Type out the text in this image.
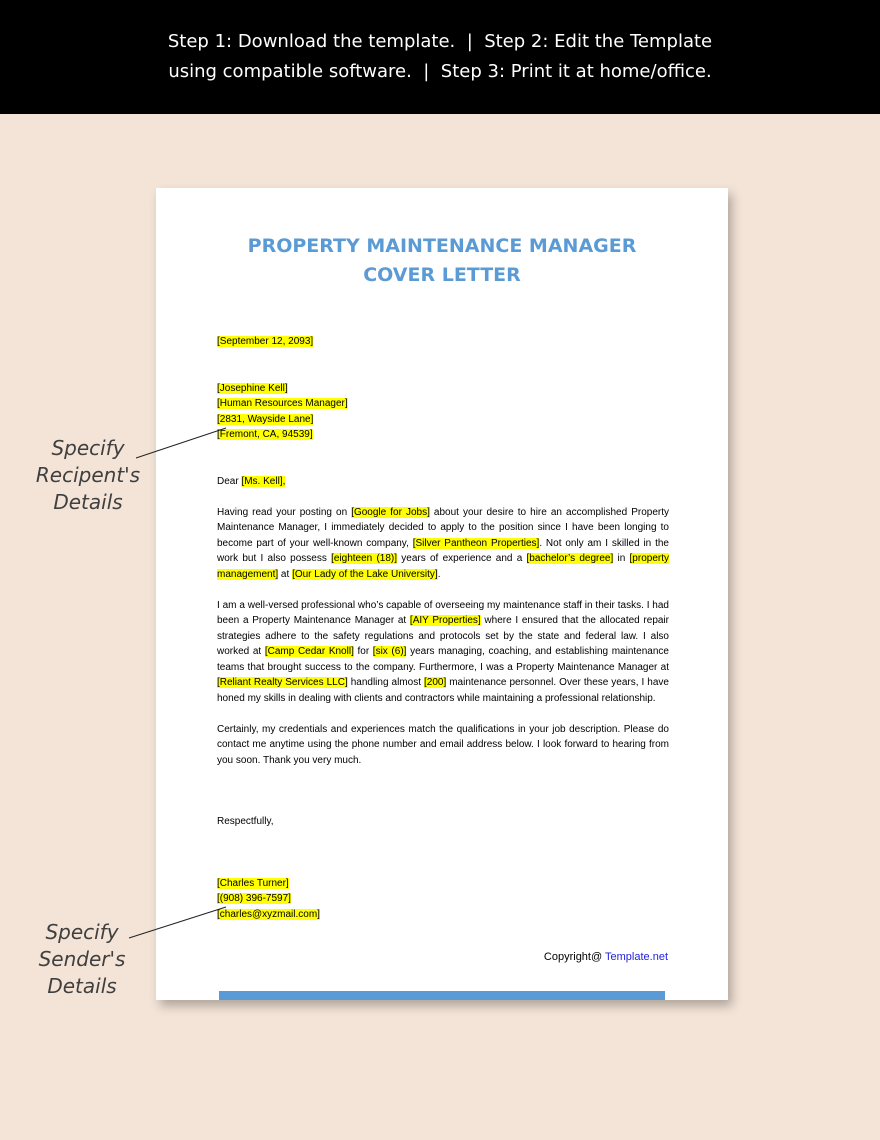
Step 1: Download the template.  |  Step 2: Edit the Template
using compatible software.  |  Step 3: Print it at home/office.
PROPERTY MAINTENANCE MANAGER
COVER LETTER

[September 12, 2093]

[Josephine Kell]
[Human Resources Manager]
[2831, Wayside Lane]
[Fremont, CA, 94539]

Dear [Ms. Kell],

Having read your posting on [Google for Jobs] about your desire to hire an accomplished Property Maintenance Manager, I immediately decided to apply to the position since I have been longing to become part of your well-known company, [Silver Pantheon Properties]. Not only am I skilled in the work but I also possess [eighteen (18)] years of experience and a [bachelor’s degree] in [property management] at [Our Lady of the Lake University].

I am a well-versed professional who’s capable of overseeing my maintenance staff in their tasks. I had been a Property Maintenance Manager at [AIY Properties] where I ensured that the allocated repair strategies adhere to the safety regulations and protocols set by the state and federal law. I also worked at [Camp Cedar Knoll] for [six (6)] years managing, coaching, and establishing maintenance teams that brought success to the company. Furthermore, I was a Property Maintenance Manager at [Reliant Realty Services LLC] handling almost [200] maintenance personnel. Over these years, I have honed my skills in dealing with clients and contractors while maintaining a professional relationship.

Certainly, my credentials and experiences match the qualifications in your job description. Please do contact me anytime using the phone number and email address below. I look forward to hearing from you soon. Thank you very much.

Respectfully,

[Charles Turner]
[(908) 396-7597]
[charles@xyzmail.com]

Copyright@ Template.net
Specify
Recipent's
Details
Specify
Sender's
Details
